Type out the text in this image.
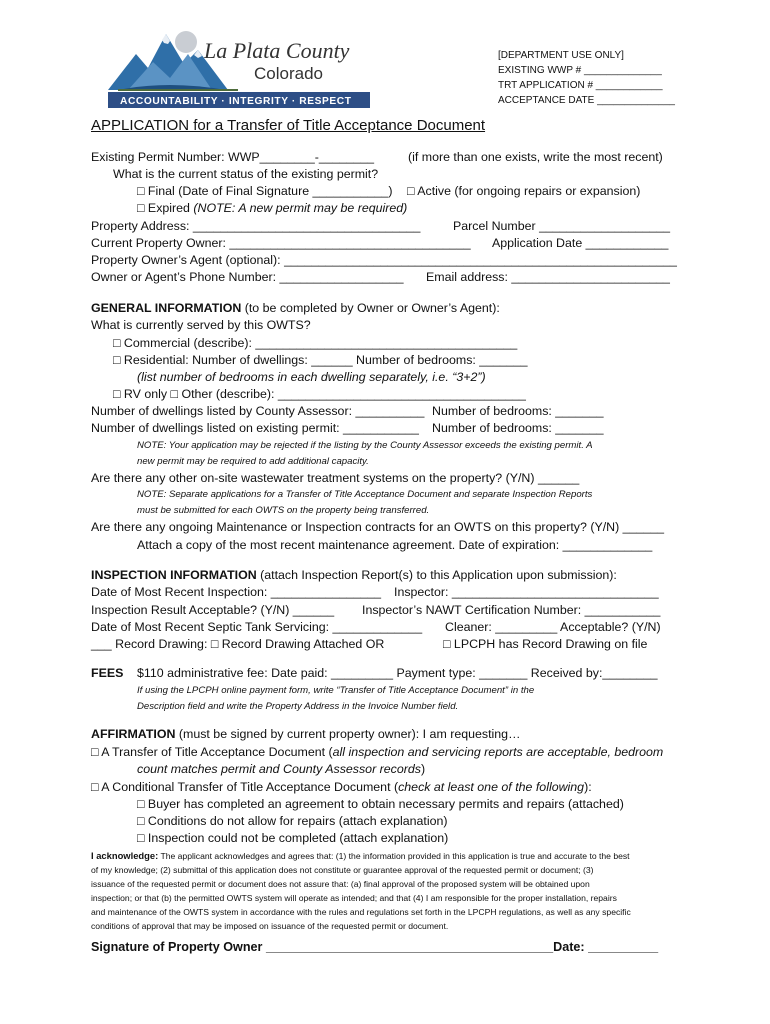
La Plata County
Colorado
ACCOUNTABILITY · INTEGRITY · RESPECT
[DEPARTMENT USE ONLY]
EXISTING WWP # ______________
TRT APPLICATION # ____________
ACCEPTANCE DATE ______________
APPLICATION for a Transfer of Title Acceptance Document
Existing Permit Number: WWP________-________	(if more than one exists, write the most recent)
What is the current status of the existing permit?
□ Final (Date of Final Signature ___________) □ Active (for ongoing repairs or expansion)
□ Expired (NOTE: A new permit may be required)
Property Address: _________________________________	Parcel Number ___________________
Current Property Owner: ___________________________________ Application Date ____________
Property Owner’s Agent (optional): _________________________________________________________
Owner or Agent’s Phone Number: __________________ Email address: _______________________
GENERAL INFORMATION (to be completed by Owner or Owner’s Agent):
What is currently served by this OWTS?
□ Commercial (describe): ______________________________________
□ Residential: Number of dwellings: ______ Number of bedrooms: _______
(list number of bedrooms in each dwelling separately, i.e. “3+2”)
□ RV only □ Other (describe): ____________________________________
Number of dwellings listed by County Assessor: __________ Number of bedrooms: _______
Number of dwellings listed on existing permit: ___________ Number of bedrooms: _______
NOTE: Your application may be rejected if the listing by the County Assessor exceeds the existing permit. A
new permit may be required to add additional capacity.
Are there any other on-site wastewater treatment systems on the property? (Y/N) ______
NOTE: Separate applications for a Transfer of Title Acceptance Document and separate Inspection Reports
must be submitted for each OWTS on the property being transferred.
Are there any ongoing Maintenance or Inspection contracts for an OWTS on this property? (Y/N) ______
Attach a copy of the most recent maintenance agreement. Date of expiration: _____________
INSPECTION INFORMATION (attach Inspection Report(s) to this Application upon submission):
Date of Most Recent Inspection: ________________ Inspector: ______________________________
Inspection Result Acceptable? (Y/N) ______ Inspector’s NAWT Certification Number: ___________
Date of Most Recent Septic Tank Servicing: _____________ Cleaner: _________ Acceptable? (Y/N)
___ Record Drawing: □ Record Drawing Attached OR	□ LPCPH has Record Drawing on file
FEES $110 administrative fee: Date paid: _________ Payment type: _______ Received by:________
If using the LPCPH online payment form, write “Transfer of Title Acceptance Document” in the
Description field and write the Property Address in the Invoice Number field.
AFFIRMATION (must be signed by current property owner): I am requesting…
□ A Transfer of Title Acceptance Document (all inspection and servicing reports are acceptable, bedroom
count matches permit and County Assessor records)
□ A Conditional Transfer of Title Acceptance Document (check at least one of the following):
□ Buyer has completed an agreement to obtain necessary permits and repairs (attached)
□ Conditions do not allow for repairs (attach explanation)
□ Inspection could not be completed (attach explanation)
I acknowledge: The applicant acknowledges and agrees that: (1) the information provided in this application is true and accurate to the best
of my knowledge; (2) submittal of this application does not constitute or guarantee approval of the requested permit or document; (3)
issuance of the requested permit or document does not assure that: (a) final approval of the proposed system will be obtained upon
inspection; or that (b) the permitted OWTS system will operate as intended; and that (4) I am responsible for the proper installation, repairs
and maintenance of the OWTS system in accordance with the rules and regulations set forth in the LPCPH regulations, as well as any specific
conditions of approval that may be imposed on issuance of the requested permit or document.
Signature of Property Owner _________________________________________Date: __________
